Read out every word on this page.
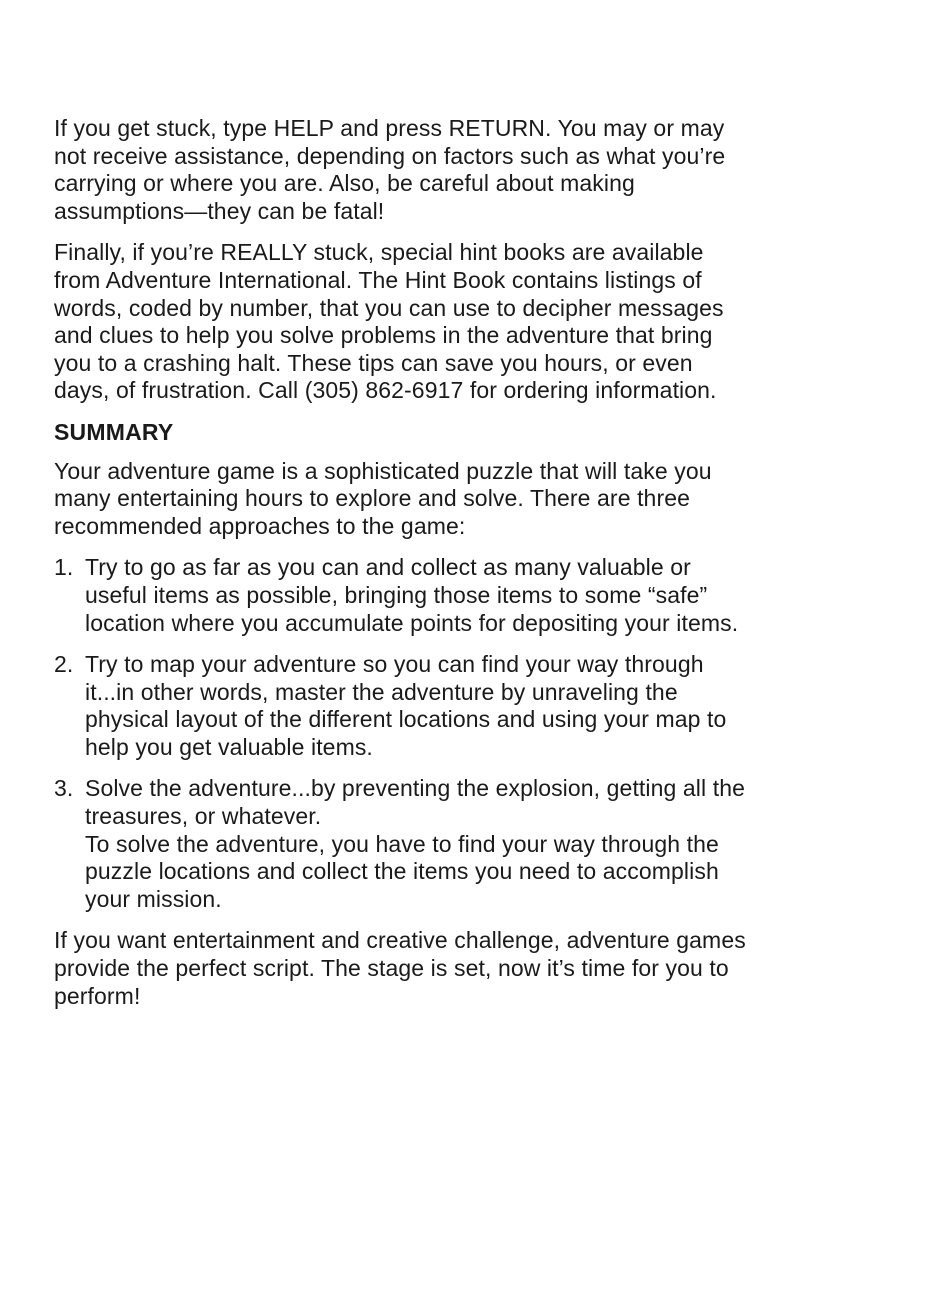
If you get stuck, type HELP and press RETURN. You may or may
not receive assistance, depending on factors such as what you’re
carrying or where you are. Also, be careful about making
assumptions—they can be fatal!

Finally, if you’re REALLY stuck, special hint books are available
from Adventure International. The Hint Book contains listings of
words, coded by number, that you can use to decipher messages
and clues to help you solve problems in the adventure that bring
you to a crashing halt. These tips can save you hours, or even
days, of frustration. Call (305) 862-6917 for ordering information.

SUMMARY

Your adventure game is a sophisticated puzzle that will take you
many entertaining hours to explore and solve. There are three
recommended approaches to the game:

1. Try to go as far as you can and collect as many valuable or
useful items as possible, bringing those items to some “safe”
location where you accumulate points for depositing your items.
2. Try to map your adventure so you can find your way through
it...in other words, master the adventure by unraveling the
physical layout of the different locations and using your map to
help you get valuable items.
3. Solve the adventure...by preventing the explosion, getting all the
treasures, or whatever.
To solve the adventure, you have to find your way through the
puzzle locations and collect the items you need to accomplish
your mission.

If you want entertainment and creative challenge, adventure games
provide the perfect script. The stage is set, now it’s time for you to
perform!
